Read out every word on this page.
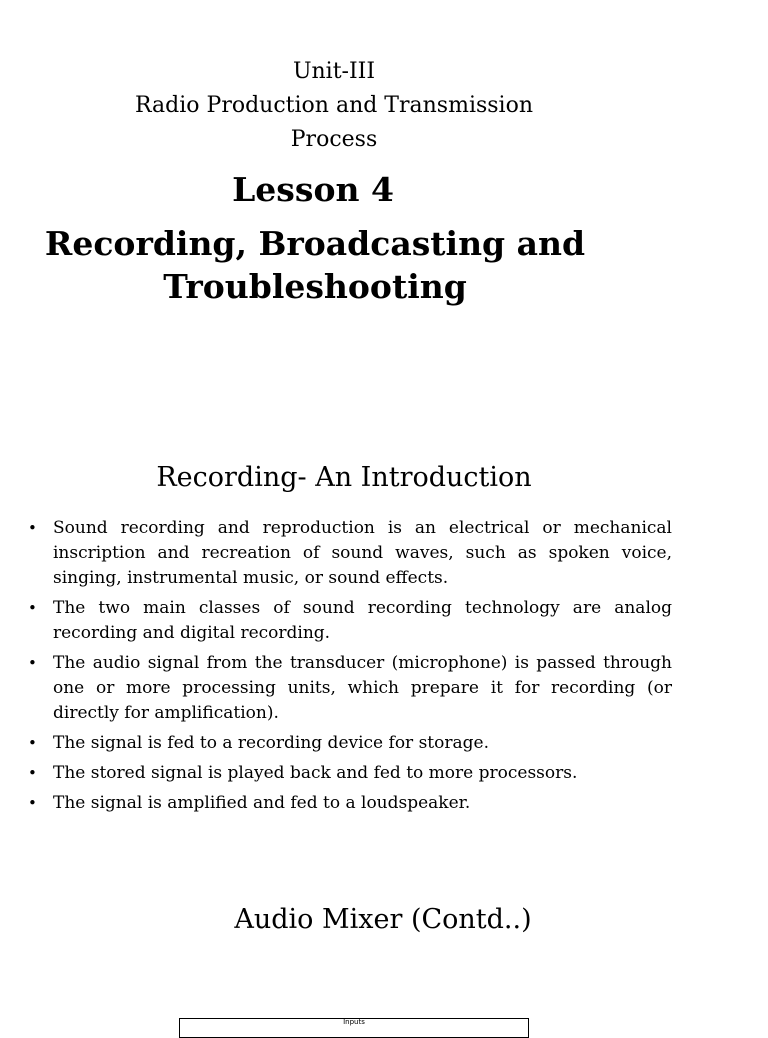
Unit-III
Radio Production and Transmission
Process
Lesson 4
Recording, Broadcasting and
Troubleshooting
Recording- An Introduction
• Sound recording and reproduction is an electrical or mechanical inscription and recreation of sound waves, such as spoken voice, singing, instrumental music, or sound effects.
• The two main classes of sound recording technology are analog recording and digital recording.
• The audio signal from the transducer (microphone) is passed through one or more processing units, which prepare it for recording (or directly for amplification).
• The signal is fed to a recording device for storage.
• The stored signal is played back and fed to more processors.
• The signal is amplified and fed to a loudspeaker.
Audio Mixer (Contd..)
Inputs
